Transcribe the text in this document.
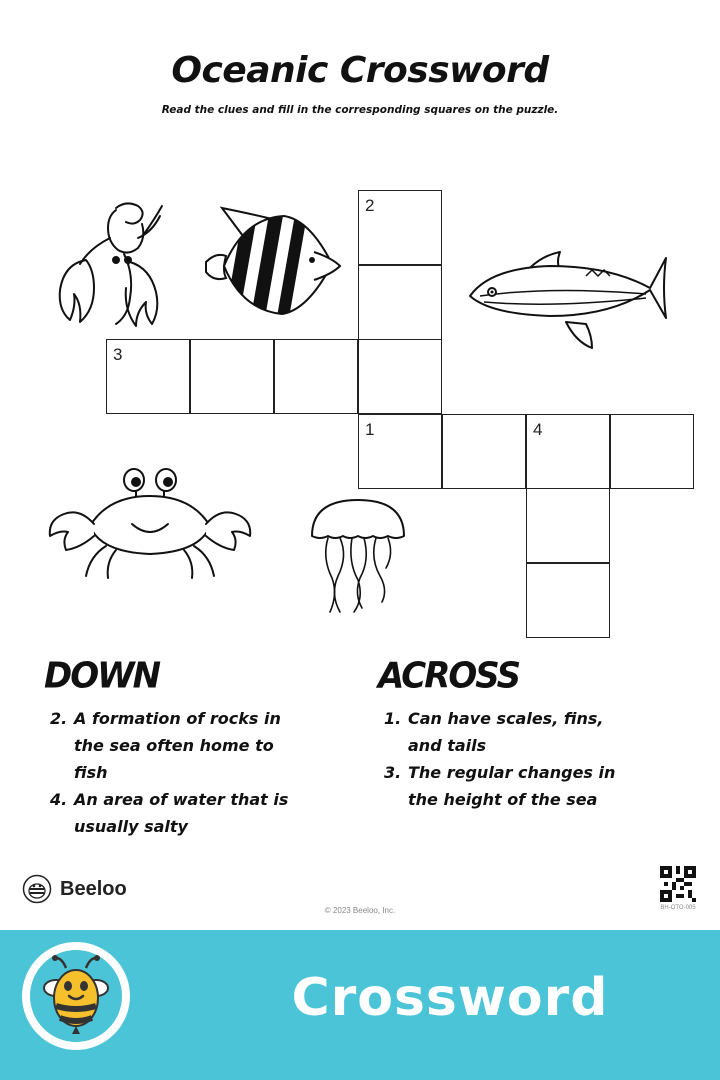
Oceanic Crossword
Read the clues and fill in the corresponding squares on the puzzle.
2
3
1	4
DOWN
2. A formation of rocks in the sea often home to fish
4. An area of water that is usually salty
ACROSS
1. Can have scales, fins, and tails
3. The regular changes in the height of the sea
Beeloo
© 2023 Beeloo, Inc.	BH-OTO-005
Crossword
